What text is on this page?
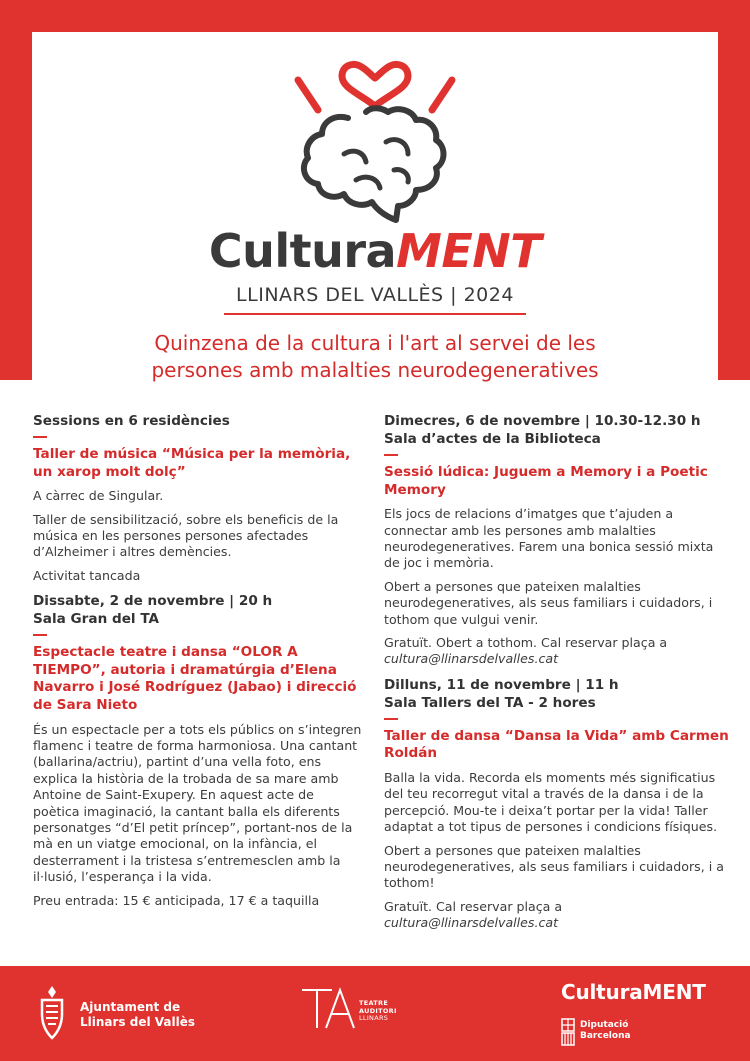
CulturaMENT
LLINARS DEL VALLÈS | 2024
Quinzena de la cultura i l'art al servei de les
persones amb malalties neurodegeneratives
Sessions en 6 residències
Taller de música “Música per la memòria, un xarop molt dolç”

A càrrec de Singular.

Taller de sensibilització, sobre els beneficis de la música en les persones persones afectades d’Alzheimer i altres demències.

Activitat tancada

Dissabte, 2 de novembre | 20 h
Sala Gran del TA
Espectacle teatre i dansa “OLOR A TIEMPO”, autoria i dramatúrgia d’Elena Navarro i José Rodríguez (Jabao) i direcció de Sara Nieto

És un espectacle per a tots els públics on s’integren flamenc i teatre de forma harmoniosa. Una cantant (ballarina/actriu), partint d’una vella foto, ens explica la història de la trobada de sa mare amb Antoine de Saint-Exupery. En aquest acte de poètica imaginació, la cantant balla els diferents personatges “d’El petit príncep”, portant-nos de la mà en un viatge emocional, on la infància, el desterrament i la tristesa s’entremesclen amb la il·lusió, l’esperança i la vida.

Preu entrada: 15 € anticipada, 17 € a taquilla

Dimecres, 6 de novembre | 10.30-12.30 h
Sala d’actes de la Biblioteca
Sessió lúdica: Juguem a Memory i a Poetic Memory

Els jocs de relacions d’imatges que t’ajuden a connectar amb les persones amb malalties neurodegeneratives. Farem una bonica sessió mixta de joc i memòria.

Obert a persones que pateixen malalties neurodegeneratives, als seus familiars i cuidadors, i tothom que vulgui venir.

Gratuït. Obert a tothom. Cal reservar plaça a
cultura@llinarsdelvalles.cat

Dilluns, 11 de novembre | 11 h
Sala Tallers del TA - 2 hores
Taller de dansa “Dansa la Vida” amb Carmen Roldán

Balla la vida. Recorda els moments més significatius del teu recorregut vital a través de la dansa i de la percepció. Mou-te i deixa’t portar per la vida! Taller adaptat a tot tipus de persones i condicions físiques.

Obert a persones que pateixen malalties neurodegeneratives, als seus familiars i cuidadors, i a tothom!

Gratuït. Cal reservar plaça a
cultura@llinarsdelvalles.cat

Ajuntament de
Llinars del Vallès
TEATRE
AUDITORI
LLINARS
CulturaMENT
Diputació
Barcelona
